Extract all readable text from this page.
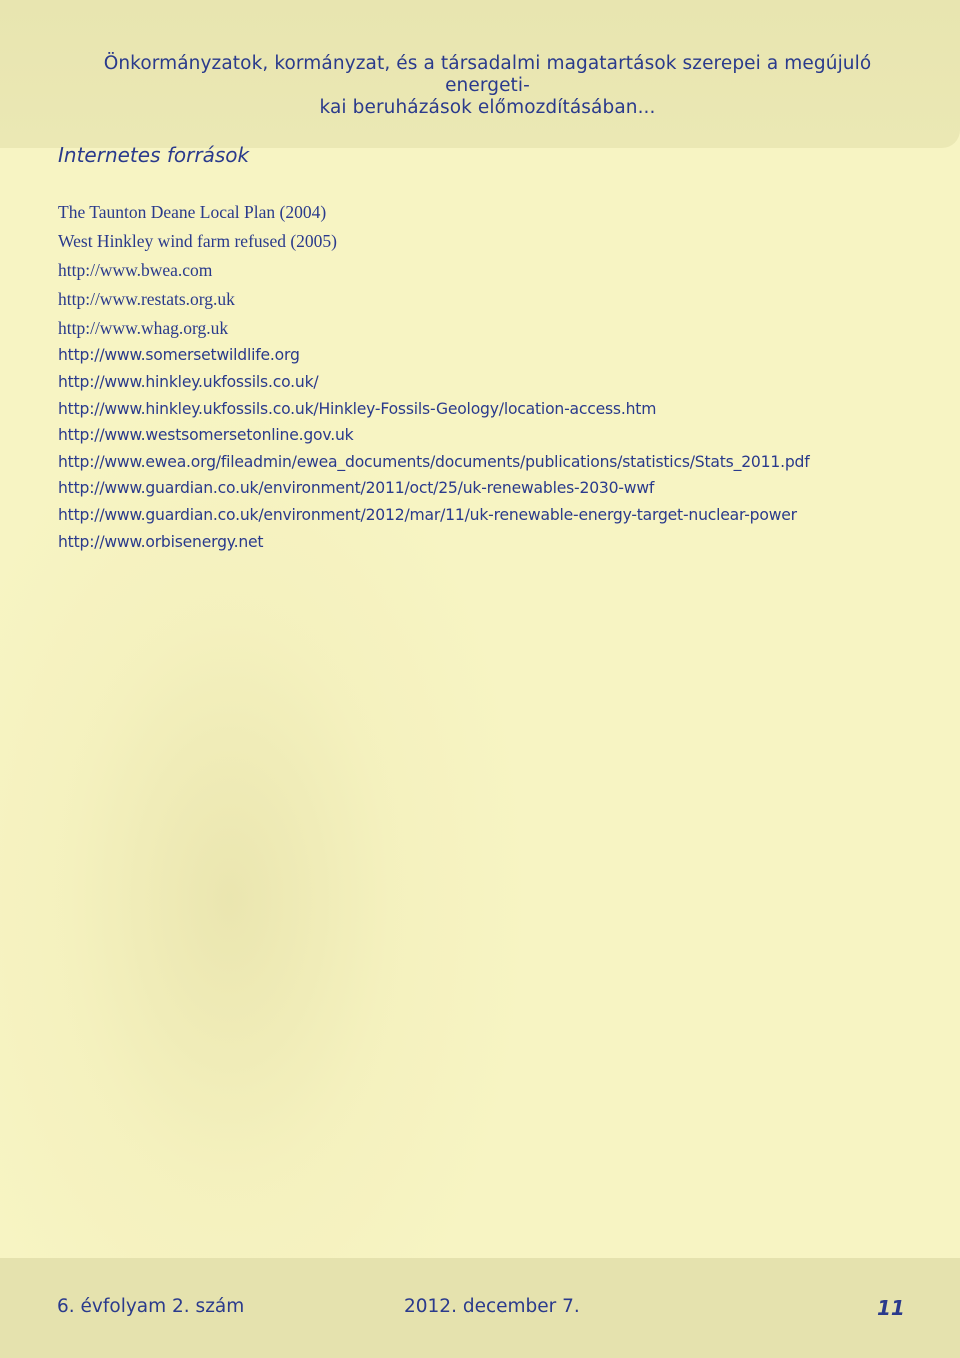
Önkormányzatok, kormányzat, és a társadalmi magatartások szerepei a megújuló energeti-
kai beruházások előmozdításában...

Internetes források
The Taunton Deane Local Plan (2004)
West Hinkley wind farm refused (2005)
http://www.bwea.com
http://www.restats.org.uk
http://www.whag.org.uk
http://www.somersetwildlife.org
http://www.hinkley.ukfossils.co.uk/
http://www.hinkley.ukfossils.co.uk/Hinkley-Fossils-Geology/location-access.htm
http://www.westsomersetonline.gov.uk
http://www.ewea.org/fileadmin/ewea_documents/documents/publications/statistics/Stats_2011.pdf
http://www.guardian.co.uk/environment/2011/oct/25/uk-renewables-2030-wwf
http://www.guardian.co.uk/environment/2012/mar/11/uk-renewable-energy-target-nuclear-power
http://www.orbisenergy.net

6. évfolyam 2. szám	2012. december 7.	11
